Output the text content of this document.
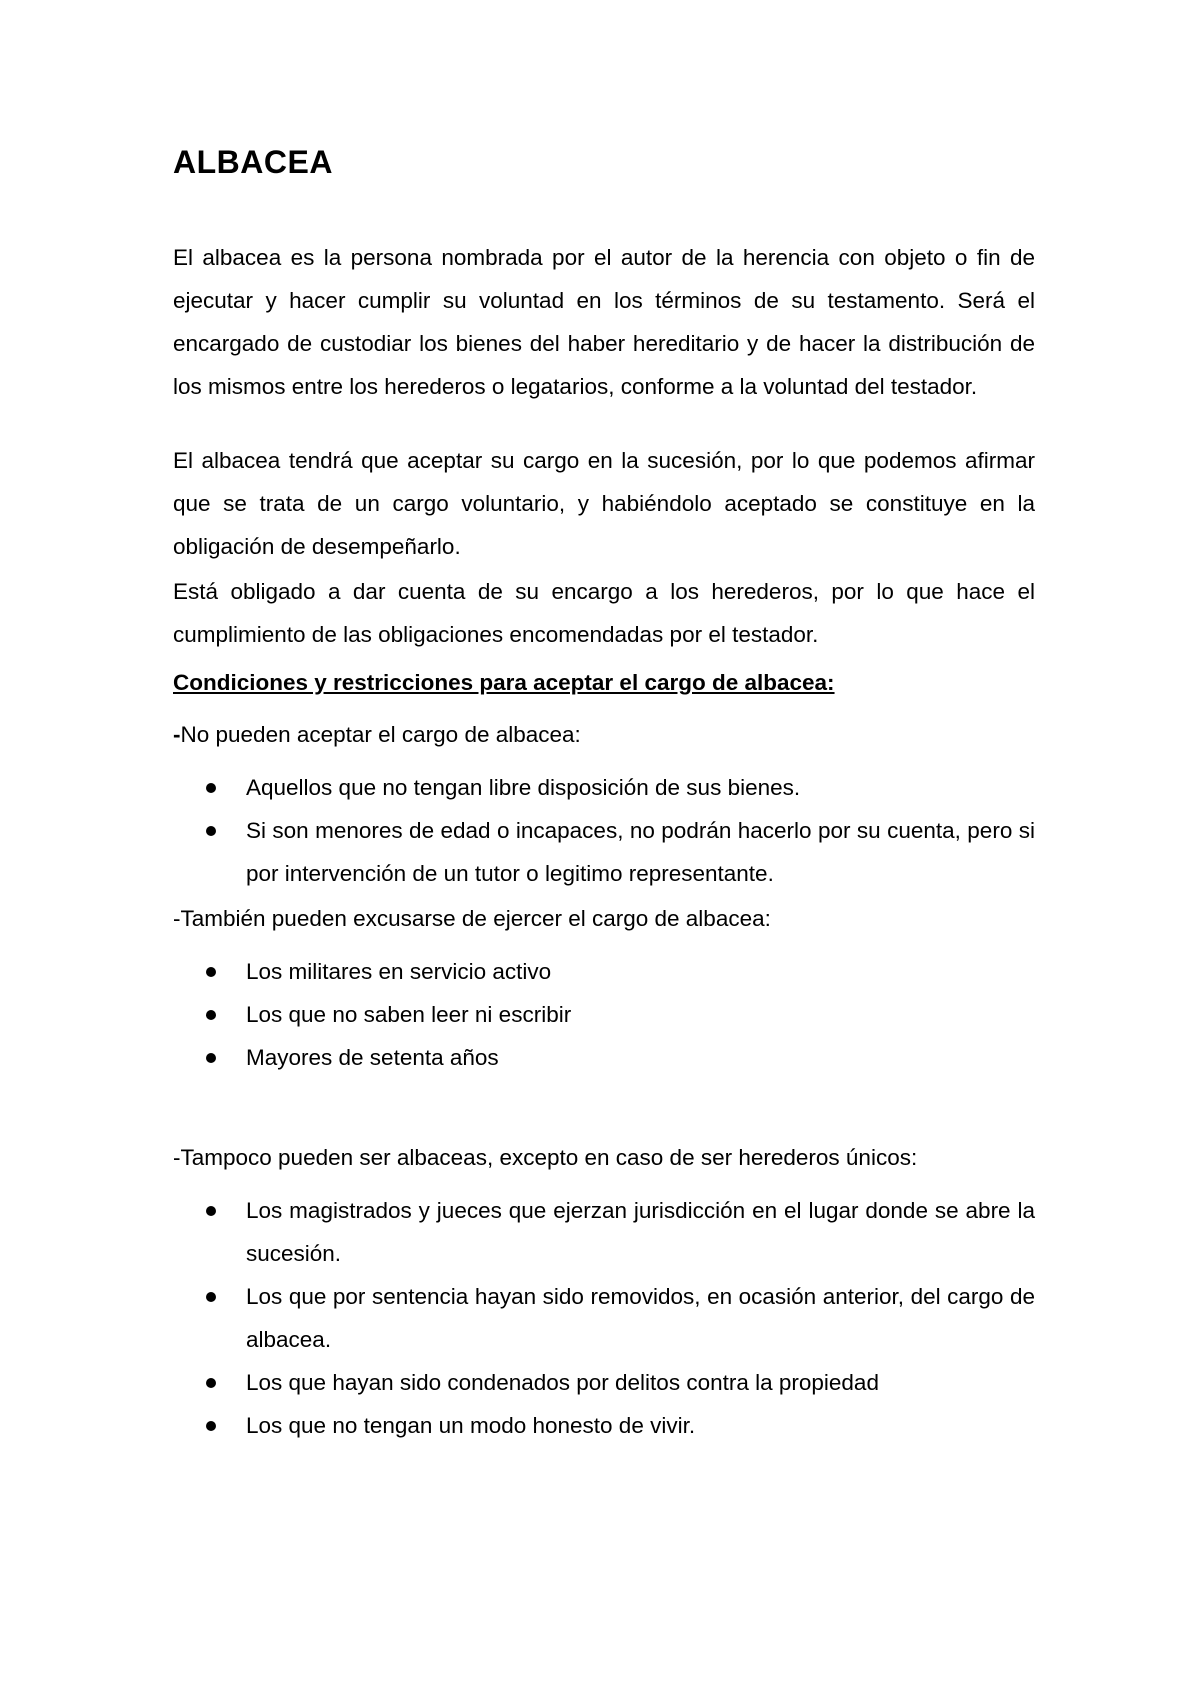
ALBACEA

El albacea es la persona nombrada por el autor de la herencia con objeto o fin de ejecutar y hacer cumplir su voluntad en los términos de su testamento. Será el encargado de custodiar los bienes del haber hereditario y de hacer la distribución de los mismos entre los herederos o legatarios, conforme a la voluntad del testador.

El albacea tendrá que aceptar su cargo en la sucesión, por lo que podemos afirmar que se trata de un cargo voluntario, y habiéndolo aceptado se constituye en la obligación de desempeñarlo.

Está obligado a dar cuenta de su encargo a los herederos, por lo que hace el cumplimiento de las obligaciones encomendadas por el testador.

Condiciones y restricciones para aceptar el cargo de albacea:

-No pueden aceptar el cargo de albacea:

Aquellos que no tengan libre disposición de sus bienes.
Si son menores de edad o incapaces, no podrán hacerlo por su cuenta, pero si por intervención de un tutor o legitimo representante.

-También pueden excusarse de ejercer el cargo de albacea:

Los militares en servicio activo
Los que no saben leer ni escribir
Mayores de setenta años

-Tampoco pueden ser albaceas, excepto en caso de ser herederos únicos:

Los magistrados y jueces que ejerzan jurisdicción en el lugar donde se abre la sucesión.
Los que por sentencia hayan sido removidos, en ocasión anterior, del cargo de albacea.
Los que hayan sido condenados por delitos contra la propiedad
Los que no tengan un modo honesto de vivir.
